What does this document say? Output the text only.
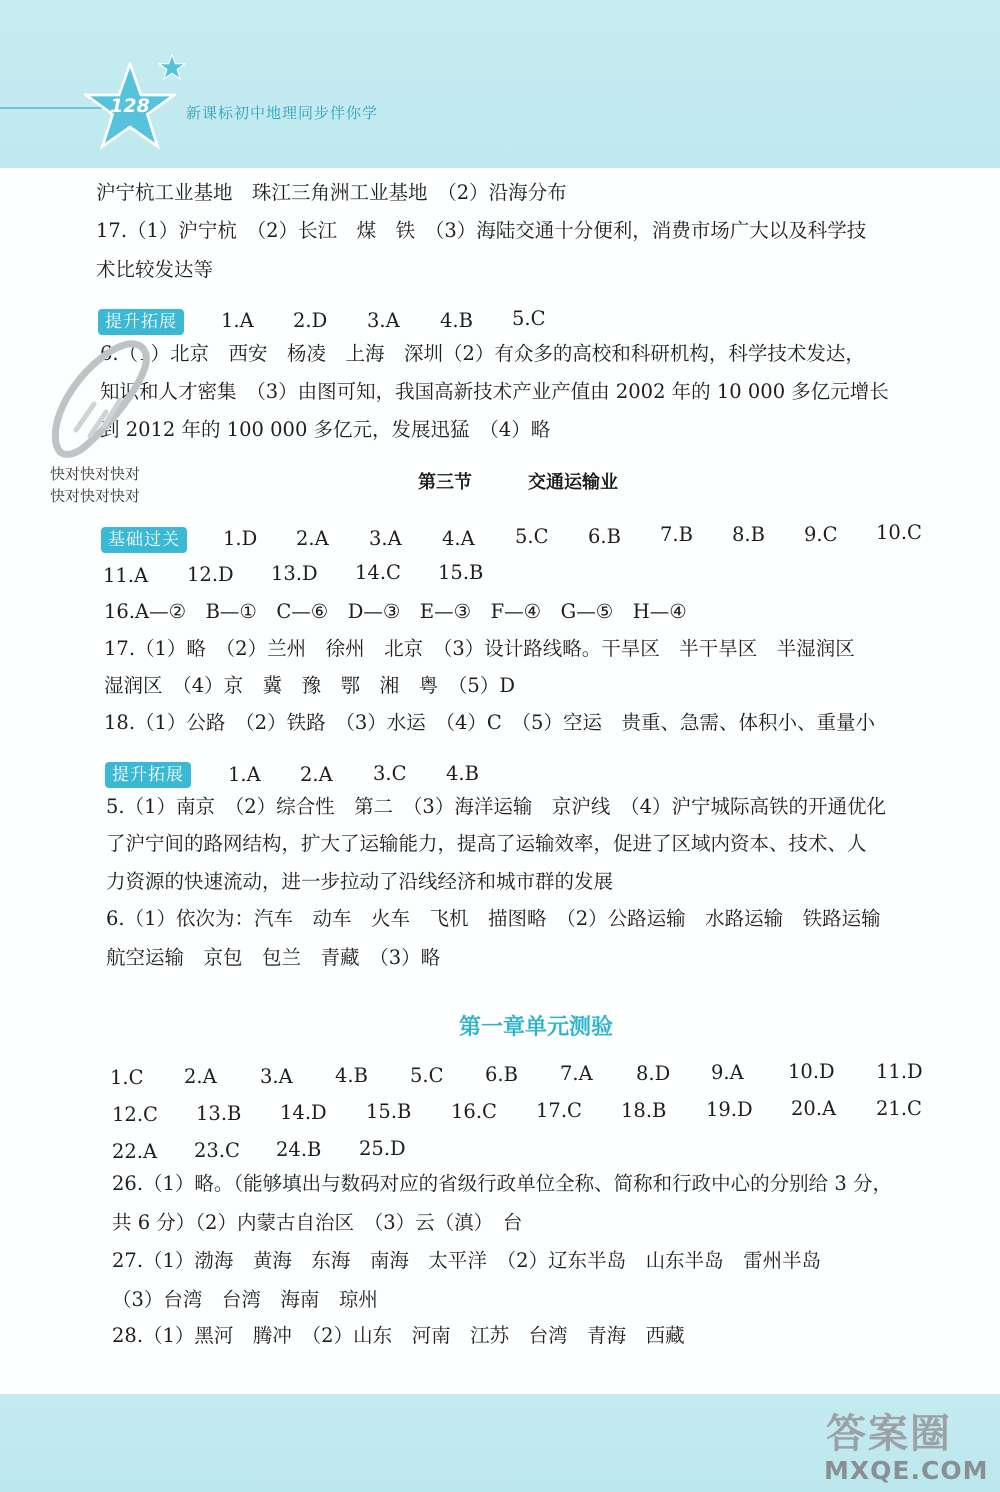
128	新课标初中地理同步伴你学
沪宁杭工业基地　珠江三角洲工业基地　（2）沿海分布
17.（1）沪宁杭　（2）长江　煤　铁　（3）海陆交通十分便利，消费市场广大以及科学技
术比较发达等
提升拓展	1.A 2.D 3.A 4.B 5.C
6.（1）北京　西安　杨凌　上海　深圳（2）有众多的高校和科研机构，科学技术发达，
知识和人才密集　（3）由图可知，我国高新技术产业产值由 2002 年的 10 000 多亿元增长
到 2012 年的 100 000 多亿元，发展迅猛　（4）略
快对快对快对
快对快对快对
第三节	交通运输业
基础过关	1.D 2.A 3.A 4.A 5.C 6.B 7.B 8.B 9.C 10.C
11.A 12.D 13.D 14.C 15.B
16.A—②　B—①　C—⑥　D—③　E—③　F—④　G—⑤　H—④
17.（1）略　（2）兰州　徐州　北京　（3）设计路线略。干旱区　半干旱区　半湿润区
湿润区　（4）京　冀　豫　鄂　湘　粤　（5）D
18.（1）公路　（2）铁路　（3）水运　（4）C　（5）空运　贵重、急需、体积小、重量小
提升拓展	1.A 2.A 3.C 4.B
5.（1）南京　（2）综合性　第二　（3）海洋运输　京沪线　（4）沪宁城际高铁的开通优化
了沪宁间的路网结构，扩大了运输能力，提高了运输效率，促进了区域内资本、技术、人
力资源的快速流动，进一步拉动了沿线经济和城市群的发展
6.（1）依次为：汽车　动车　火车　飞机　描图略　（2）公路运输　水路运输　铁路运输
航空运输　京包　包兰　青藏　（3）略
第一章单元测验
1.C 2.A 3.A 4.B 5.C 6.B 7.A 8.D 9.A 10.D 11.D
12.C 13.B 14.D 15.B 16.C 17.C 18.B 19.D 20.A 21.C
22.A 23.C 24.B 25.D
26.（1）略。（能够填出与数码对应的省级行政单位全称、简称和行政中心的分别给 3 分，
共 6 分）（2）内蒙古自治区　（3）云（滇）　台
27.（1）渤海　黄海　东海　南海　太平洋　（2）辽东半岛　山东半岛　雷州半岛
（3）台湾　台湾　海南　琼州
28.（1）黑河　腾冲　（2）山东　河南　江苏　台湾　青海　西藏
答案圈
MXQE.COM
